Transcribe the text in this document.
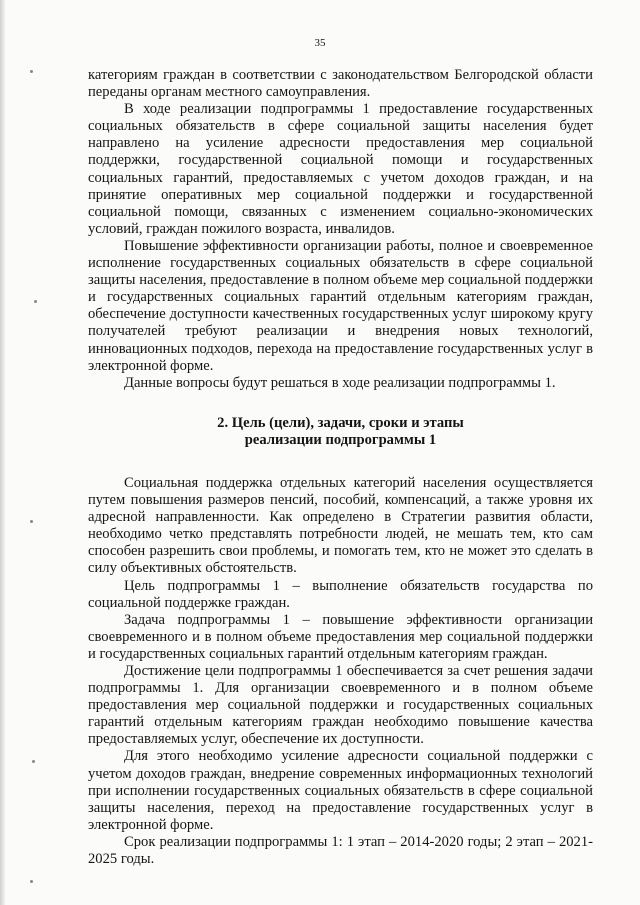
35

категориям граждан в соответствии с законодательством Белгородской области переданы органам местного самоуправления.

В ходе реализации подпрограммы 1 предоставление государственных социальных обязательств в сфере социальной защиты населения будет направлено на усиление адресности предоставления мер социальной поддержки, государственной социальной помощи и государственных социальных гарантий, предоставляемых с учетом доходов граждан, и на принятие оперативных мер социальной поддержки и государственной социальной помощи, связанных с изменением социально-экономических условий, граждан пожилого возраста, инвалидов.

Повышение эффективности организации работы, полное и своевременное исполнение государственных социальных обязательств в сфере социальной защиты населения, предоставление в полном объеме мер социальной поддержки и государственных социальных гарантий отдельным категориям граждан, обеспечение доступности качественных государственных услуг широкому кругу получателей требуют реализации и внедрения новых технологий, инновационных подходов, перехода на предоставление государственных услуг в электронной форме.

Данные вопросы будут решаться в ходе реализации подпрограммы 1.

2. Цель (цели), задачи, сроки и этапы
реализации подпрограммы 1

Социальная поддержка отдельных категорий населения осуществляется путем повышения размеров пенсий, пособий, компенсаций, а также уровня их адресной направленности. Как определено в Стратегии развития области, необходимо четко представлять потребности людей, не мешать тем, кто сам способен разрешить свои проблемы, и помогать тем, кто не может это сделать в силу объективных обстоятельств.

Цель подпрограммы 1 – выполнение обязательств государства по социальной поддержке граждан.

Задача подпрограммы 1 – повышение эффективности организации своевременного и в полном объеме предоставления мер социальной поддержки и государственных социальных гарантий отдельным категориям граждан.

Достижение цели подпрограммы 1 обеспечивается за счет решения задачи подпрограммы 1. Для организации своевременного и в полном объеме предоставления мер социальной поддержки и государственных социальных гарантий отдельным категориям граждан необходимо повышение качества предоставляемых услуг, обеспечение их доступности.

Для этого необходимо усиление адресности социальной поддержки с учетом доходов граждан, внедрение современных информационных технологий при исполнении государственных социальных обязательств в сфере социальной защиты населения, переход на предоставление государственных услуг в электронной форме.

Срок реализации подпрограммы 1: 1 этап – 2014-2020 годы; 2 этап – 2021-2025 годы.
